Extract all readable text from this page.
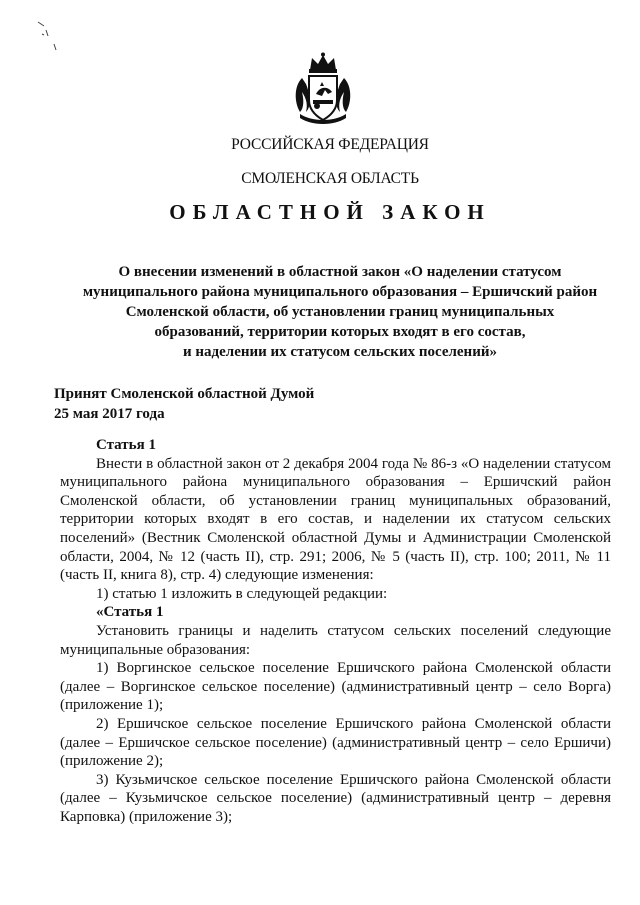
РОССИЙСКАЯ ФЕДЕРАЦИЯ
СМОЛЕНСКАЯ ОБЛАСТЬ
ОБЛАСТНОЙ ЗАКОН
О внесении изменений в областной закон «О наделении статусом
муниципального района муниципального образования – Ершичский район
Смоленской области, об установлении границ муниципальных
образований, территории которых входят в его состав,
и наделении их статусом сельских поселений»
Принят Смоленской областной Думой
25 мая 2017 года

Статья 1

Внести в областной закон от 2 декабря 2004 года № 86-з «О наделении статусом муниципального района муниципального образования – Ершичский район Смоленской области, об установлении границ муниципальных образований, территории которых входят в его состав, и наделении их статусом сельских поселений» (Вестник Смоленской областной Думы и Администрации Смоленской области, 2004, № 12 (часть II), стр. 291; 2006, № 5 (часть II), стр. 100; 2011, № 11 (часть II, книга 8), стр. 4) следующие изменения:

1) статью 1 изложить в следующей редакции:

«Статья 1

Установить границы и наделить статусом сельских поселений следующие муниципальные образования:

1) Воргинское сельское поселение Ершичского района Смоленской области (далее – Воргинское сельское поселение) (административный центр – село Ворга) (приложение 1);

2) Ершичское сельское поселение Ершичского района Смоленской области (далее – Ершичское сельское поселение) (административный центр – село Ершичи) (приложение 2);

3) Кузьмичское сельское поселение Ершичского района Смоленской области (далее – Кузьмичское сельское поселение) (административный центр – деревня Карповка) (приложение 3);
